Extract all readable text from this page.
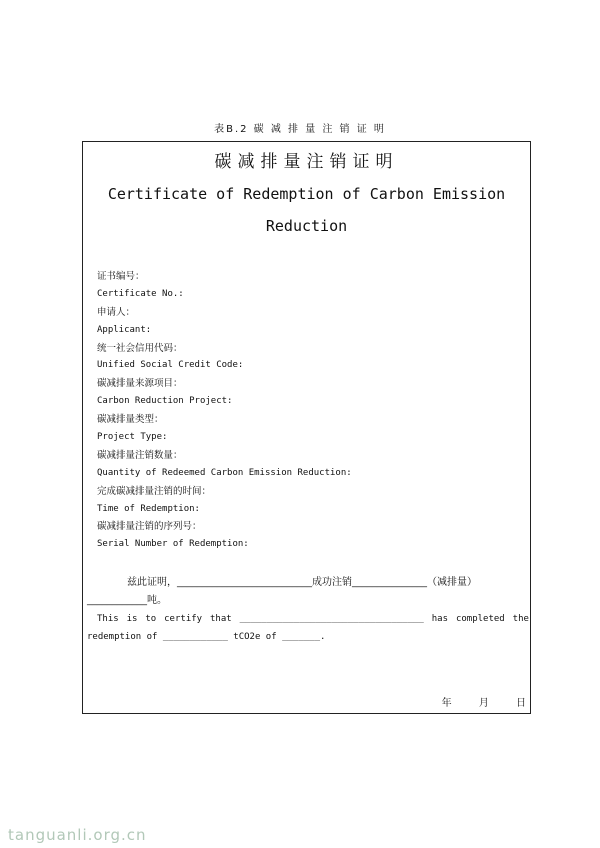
表B.2 碳 减 排 量 注 销 证 明
碳减排量注销证明
Certificate of Redemption of Carbon Emission Reduction
证书编号：
Certificate No.:
申请人：
Applicant:
统一社会信用代码：
Unified Social Credit Code:
碳减排量来源项目：
Carbon Reduction Project:
碳减排量类型：
Project Type:
碳减排量注销数量：
Quantity of Redeemed Carbon Emission Reduction:
完成碳减排量注销的时间：
Time of Redemption:
碳减排量注销的序列号：
Serial Number of Redemption:
兹此证明，___________________________成功注销_______________（减排量）____________吨。
This is to certify that __________________________________ has completed the
redemption of ____________ tCO2e of _______.
年	月	日
tanguanli.org.cn
